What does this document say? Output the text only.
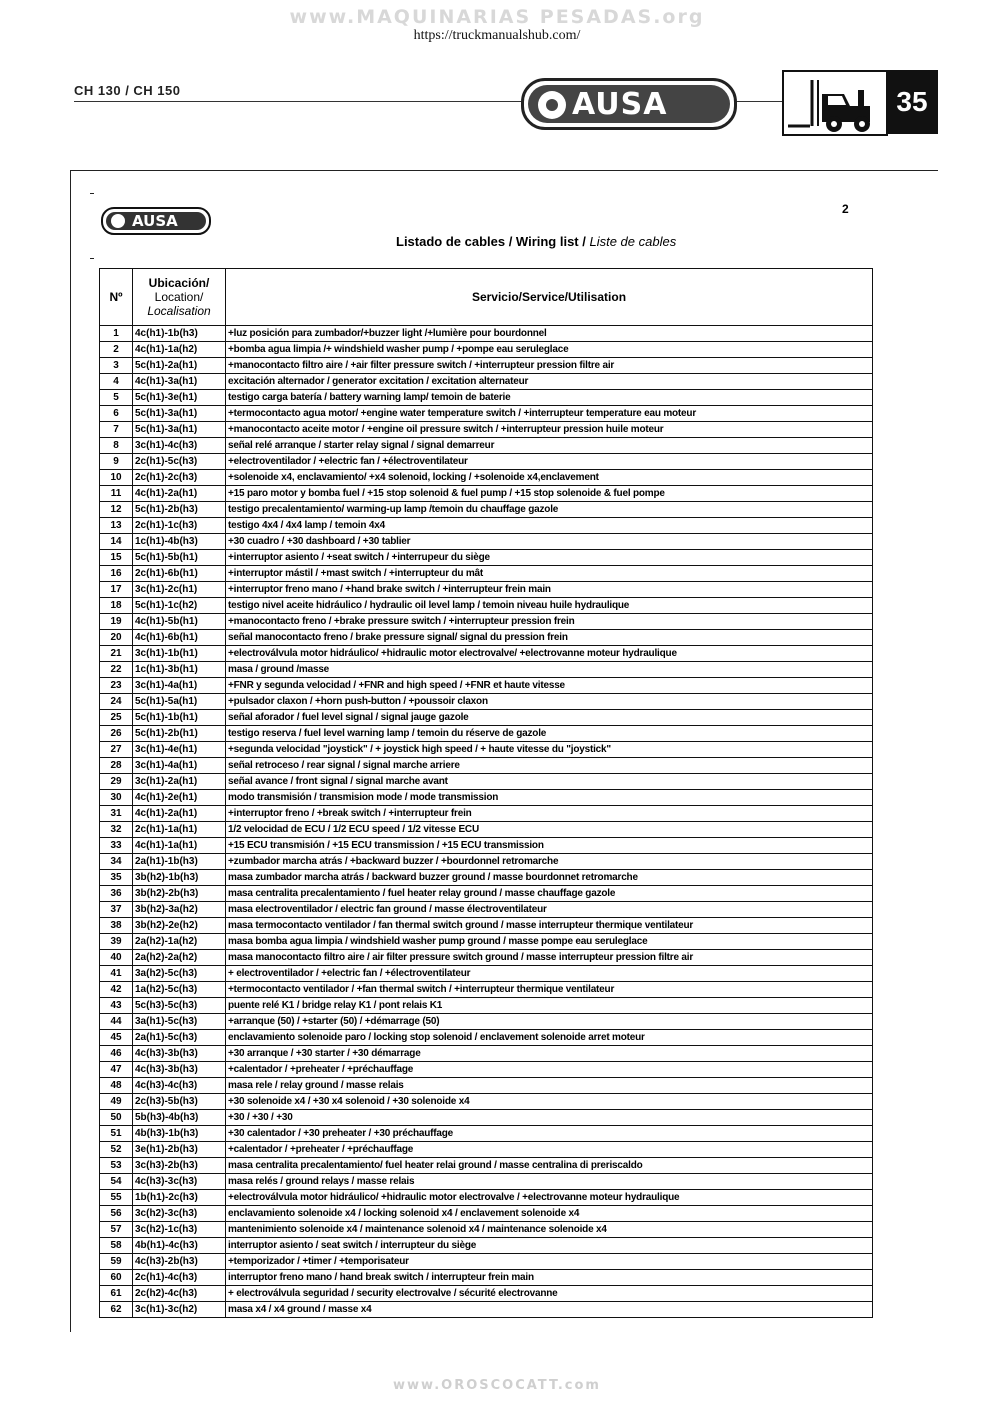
www.MAQUINARIAS PESADAS.org
https://truckmanualshub.com/
CH 130 / CH 150	AUSA	35
AUSA
2
Listado de cables / Wiring list / Liste de cables
Nº	Ubicación/
Location/
Localisation	Servicio/Service/Utilisation
1	4c(h1)-1b(h3)	+luz posición para zumbador/+buzzer light /+lumière pour bourdonnel
2	4c(h1)-1a(h2)	+bomba agua limpia /+ windshield washer pump / +pompe eau seruleglace
3	5c(h1)-2a(h1)	+manocontacto filtro aire / +air filter pressure switch / +interrupteur pression filtre air
4	4c(h1)-3a(h1)	excitación alternador / generator excitation / excitation alternateur
5	5c(h1)-3e(h1)	testigo carga batería / battery warning lamp/ temoin de baterie
6	5c(h1)-3a(h1)	+termocontacto agua motor/ +engine water temperature switch / +interrupteur temperature eau moteur
7	5c(h1)-3a(h1)	+manocontacto aceite motor / +engine oil pressure switch / +interrupteur pression huile moteur
8	3c(h1)-4c(h3)	señal relé arranque / starter relay signal / signal demarreur
9	2c(h1)-5c(h3)	+electroventilador / +electric fan / +électroventilateur
10	2c(h1)-2c(h3)	+solenoide x4, enclavamiento/ +x4 solenoid, locking / +solenoide x4,enclavement
11	4c(h1)-2a(h1)	+15 paro motor y bomba fuel / +15 stop solenoid & fuel pump / +15 stop solenoide & fuel pompe
12	5c(h1)-2b(h3)	testigo precalentamiento/ warming-up lamp /temoin du chauffage gazole
13	2c(h1)-1c(h3)	testigo 4x4 / 4x4 lamp / temoin 4x4
14	1c(h1)-4b(h3)	+30 cuadro / +30 dashboard / +30 tablier
15	5c(h1)-5b(h1)	+interruptor asiento / +seat switch / +interrupeur du siège
16	2c(h1)-6b(h1)	+interruptor mástil / +mast switch / +interrupteur du mât
17	3c(h1)-2c(h1)	+interruptor freno mano / +hand brake switch / +interrupteur frein main
18	5c(h1)-1c(h2)	testigo nivel aceite hidráulico / hydraulic oil level lamp / temoin niveau huile hydraulique
19	4c(h1)-5b(h1)	+manocontacto freno / +brake pressure switch / +interrupteur pression frein
20	4c(h1)-6b(h1)	señal manocontacto freno / brake pressure signal/ signal du pression frein
21	3c(h1)-1b(h1)	+electroválvula motor hidráulico/ +hidraulic motor electrovalve/ +electrovanne moteur hydraulique
22	1c(h1)-3b(h1)	masa / ground /masse
23	3c(h1)-4a(h1)	+FNR y segunda velocidad / +FNR and high speed / +FNR et haute vitesse
24	5c(h1)-5a(h1)	+pulsador claxon / +horn push-button / +poussoir claxon
25	5c(h1)-1b(h1)	señal aforador / fuel level signal / signal jauge gazole
26	5c(h1)-2b(h1)	testigo reserva / fuel level warning lamp / temoin du réserve de gazole
27	3c(h1)-4e(h1)	+segunda velocidad "joystick" / + joystick high speed / + haute vitesse du "joystick"
28	3c(h1)-4a(h1)	señal retroceso / rear signal / signal marche arriere
29	3c(h1)-2a(h1)	señal avance / front signal / signal marche avant
30	4c(h1)-2e(h1)	modo transmisión / transmision mode / mode transmission
31	4c(h1)-2a(h1)	+interruptor freno / +break switch / +interrupteur frein
32	2c(h1)-1a(h1)	1/2 velocidad de ECU / 1/2 ECU speed / 1/2 vitesse ECU
33	4c(h1)-1a(h1)	+15 ECU transmisión / +15 ECU transmission / +15 ECU transmission
34	2a(h1)-1b(h3)	+zumbador marcha atrás / +backward buzzer / +bourdonnel retromarche
35	3b(h2)-1b(h3)	masa zumbador marcha atrás / backward buzzer ground / masse bourdonnet retromarche
36	3b(h2)-2b(h3)	masa centralita precalentamiento / fuel heater relay ground / masse chauffage gazole
37	3b(h2)-3a(h2)	masa electroventilador / electric fan ground / masse électroventilateur
38	3b(h2)-2e(h2)	masa termocontacto ventilador / fan thermal switch ground / masse interrupteur thermique ventilateur
39	2a(h2)-1a(h2)	masa bomba agua limpia / windshield washer pump ground / masse pompe eau seruleglace
40	2a(h2)-2a(h2)	masa manocontacto filtro aire / air filter pressure switch ground / masse interrupteur pression filtre air
41	3a(h2)-5c(h3)	+ electroventilador / +electric fan / +électroventilateur
42	1a(h2)-5c(h3)	+termocontacto ventilador / +fan thermal switch / +interrupteur thermique ventilateur
43	5c(h3)-5c(h3)	puente relé K1 / bridge relay K1 / pont relais K1
44	3a(h1)-5c(h3)	+arranque (50) / +starter (50) / +démarrage (50)
45	2a(h1)-5c(h3)	enclavamiento solenoide paro / locking stop solenoid / enclavement solenoide arret moteur
46	4c(h3)-3b(h3)	+30 arranque / +30 starter / +30 démarrage
47	4c(h3)-3b(h3)	+calentador / +preheater / +préchauffage
48	4c(h3)-4c(h3)	masa rele / relay ground / masse relais
49	2c(h3)-5b(h3)	+30 solenoide x4 / +30 x4 solenoid / +30 solenoide x4
50	5b(h3)-4b(h3)	+30 / +30 / +30
51	4b(h3)-1b(h3)	+30 calentador / +30 preheater / +30 préchauffage
52	3e(h1)-2b(h3)	+calentador / +preheater / +préchauffage
53	3c(h3)-2b(h3)	masa centralita precalentamiento/ fuel heater relai ground / masse centralina di preriscaldo
54	4c(h3)-3c(h3)	masa relés / ground relays / masse relais
55	1b(h1)-2c(h3)	+electroválvula motor hidráulico/ +hidraulic motor electrovalve / +electrovanne moteur hydraulique
56	3c(h2)-3c(h3)	enclavamiento solenoide x4 / locking solenoid x4 / enclavement solenoide x4
57	3c(h2)-1c(h3)	mantenimiento solenoide x4 / maintenance solenoid x4 / maintenance solenoide x4
58	4b(h1)-4c(h3)	interruptor asiento / seat switch / interrupteur du siège
59	4c(h3)-2b(h3)	+temporizador / +timer / +temporisateur
60	2c(h1)-4c(h3)	interruptor freno mano / hand break switch / interrupteur frein main
61	2c(h2)-4c(h3)	+ electroválvula seguridad / security electrovalve / sécurité electrovanne
62	3c(h1)-3c(h2)	masa x4 / x4 ground / masse x4
www.OROSCOCATT.com
